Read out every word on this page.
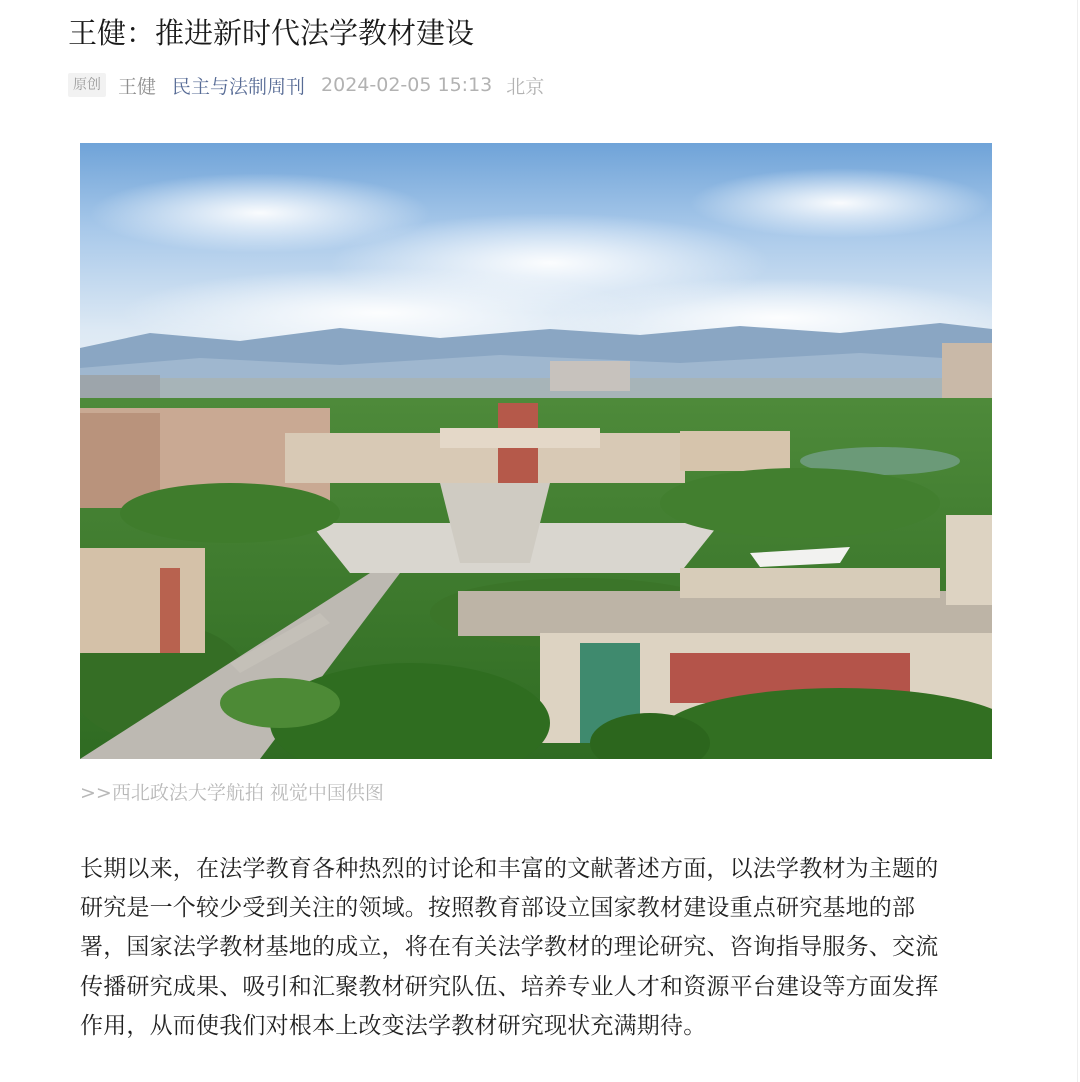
王健：推进新时代法学教材建设
原创 王健 民主与法制周刊 2024-02-05 15:13 北京
>>西北政法大学航拍 视觉中国供图

长期以来，在法学教育各种热烈的讨论和丰富的文献著述方面，以法学教材为主题的
研究是一个较少受到关注的领域。按照教育部设立国家教材建设重点研究基地的部
署，国家法学教材基地的成立，将在有关法学教材的理论研究、咨询指导服务、交流
传播研究成果、吸引和汇聚教材研究队伍、培养专业人才和资源平台建设等方面发挥
作用，从而使我们对根本上改变法学教材研究现状充满期待。
